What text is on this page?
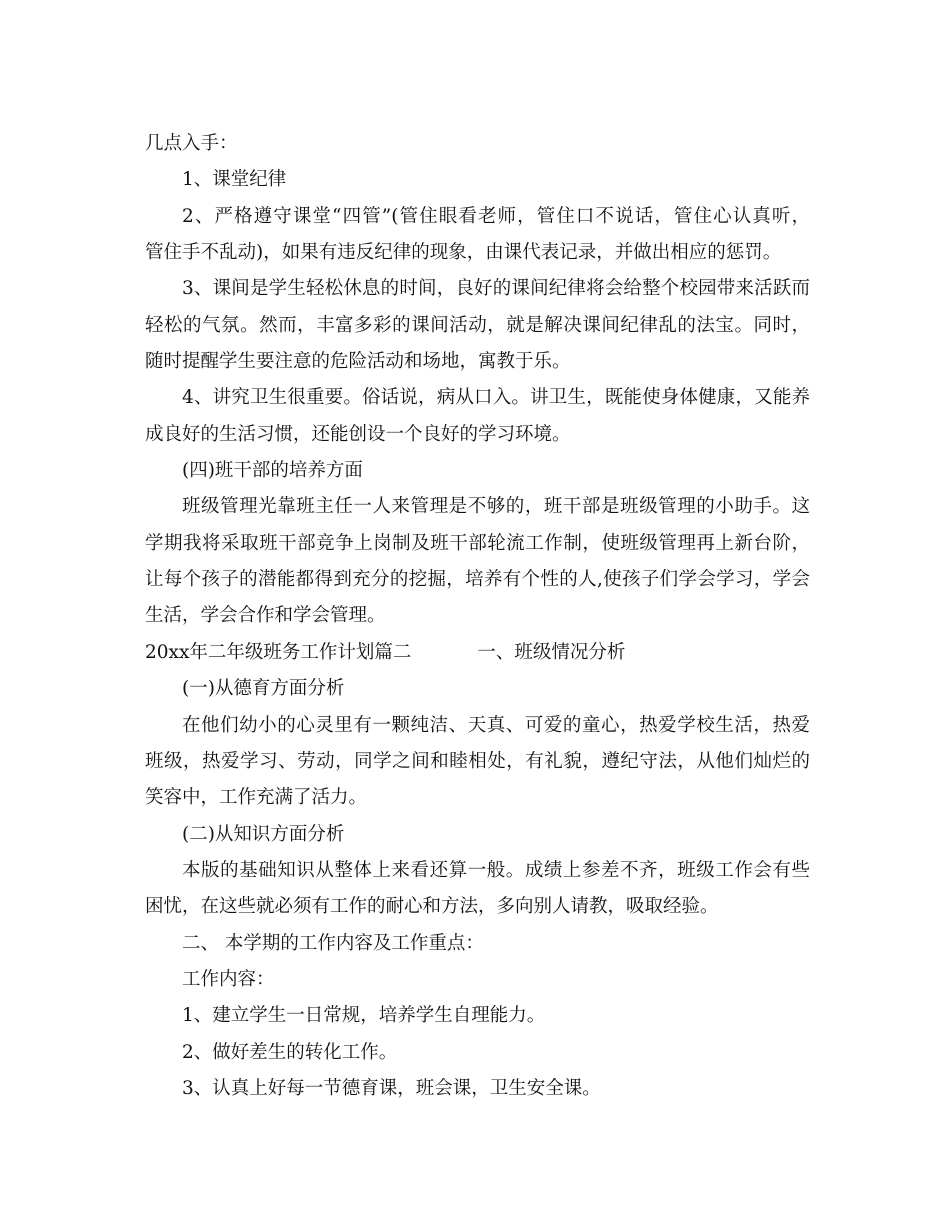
几点入手：
1、课堂纪律
2、严格遵守课堂“四管”(管住眼看老师，管住口不说话，管住心认真听，
管住手不乱动)，如果有违反纪律的现象，由课代表记录，并做出相应的惩罚。
3、课间是学生轻松休息的时间，良好的课间纪律将会给整个校园带来活跃而
轻松的气氛。然而，丰富多彩的课间活动，就是解决课间纪律乱的法宝。同时，
随时提醒学生要注意的危险活动和场地，寓教于乐。
4、讲究卫生很重要。俗话说，病从口入。讲卫生，既能使身体健康，又能养
成良好的生活习惯，还能创设一个良好的学习环境。
(四)班干部的培养方面
班级管理光靠班主任一人来管理是不够的，班干部是班级管理的小助手。这
学期我将采取班干部竞争上岗制及班干部轮流工作制，使班级管理再上新台阶，
让每个孩子的潜能都得到充分的挖掘，培养有个性的人,使孩子们学会学习，学会
生活，学会合作和学会管理。
20xx年二年级班务工作计划篇二	一、班级情况分析
(一)从德育方面分析
在他们幼小的心灵里有一颗纯洁、天真、可爱的童心，热爱学校生活，热爱
班级，热爱学习、劳动，同学之间和睦相处，有礼貌，遵纪守法，从他们灿烂的
笑容中，工作充满了活力。
(二)从知识方面分析
本版的基础知识从整体上来看还算一般。成绩上参差不齐，班级工作会有些
困忧，在这些就必须有工作的耐心和方法，多向别人请教，吸取经验。
二、 本学期的工作内容及工作重点：
工作内容：
1、建立学生一日常规，培养学生自理能力。
2、做好差生的转化工作。
3、认真上好每一节德育课，班会课，卫生安全课。
